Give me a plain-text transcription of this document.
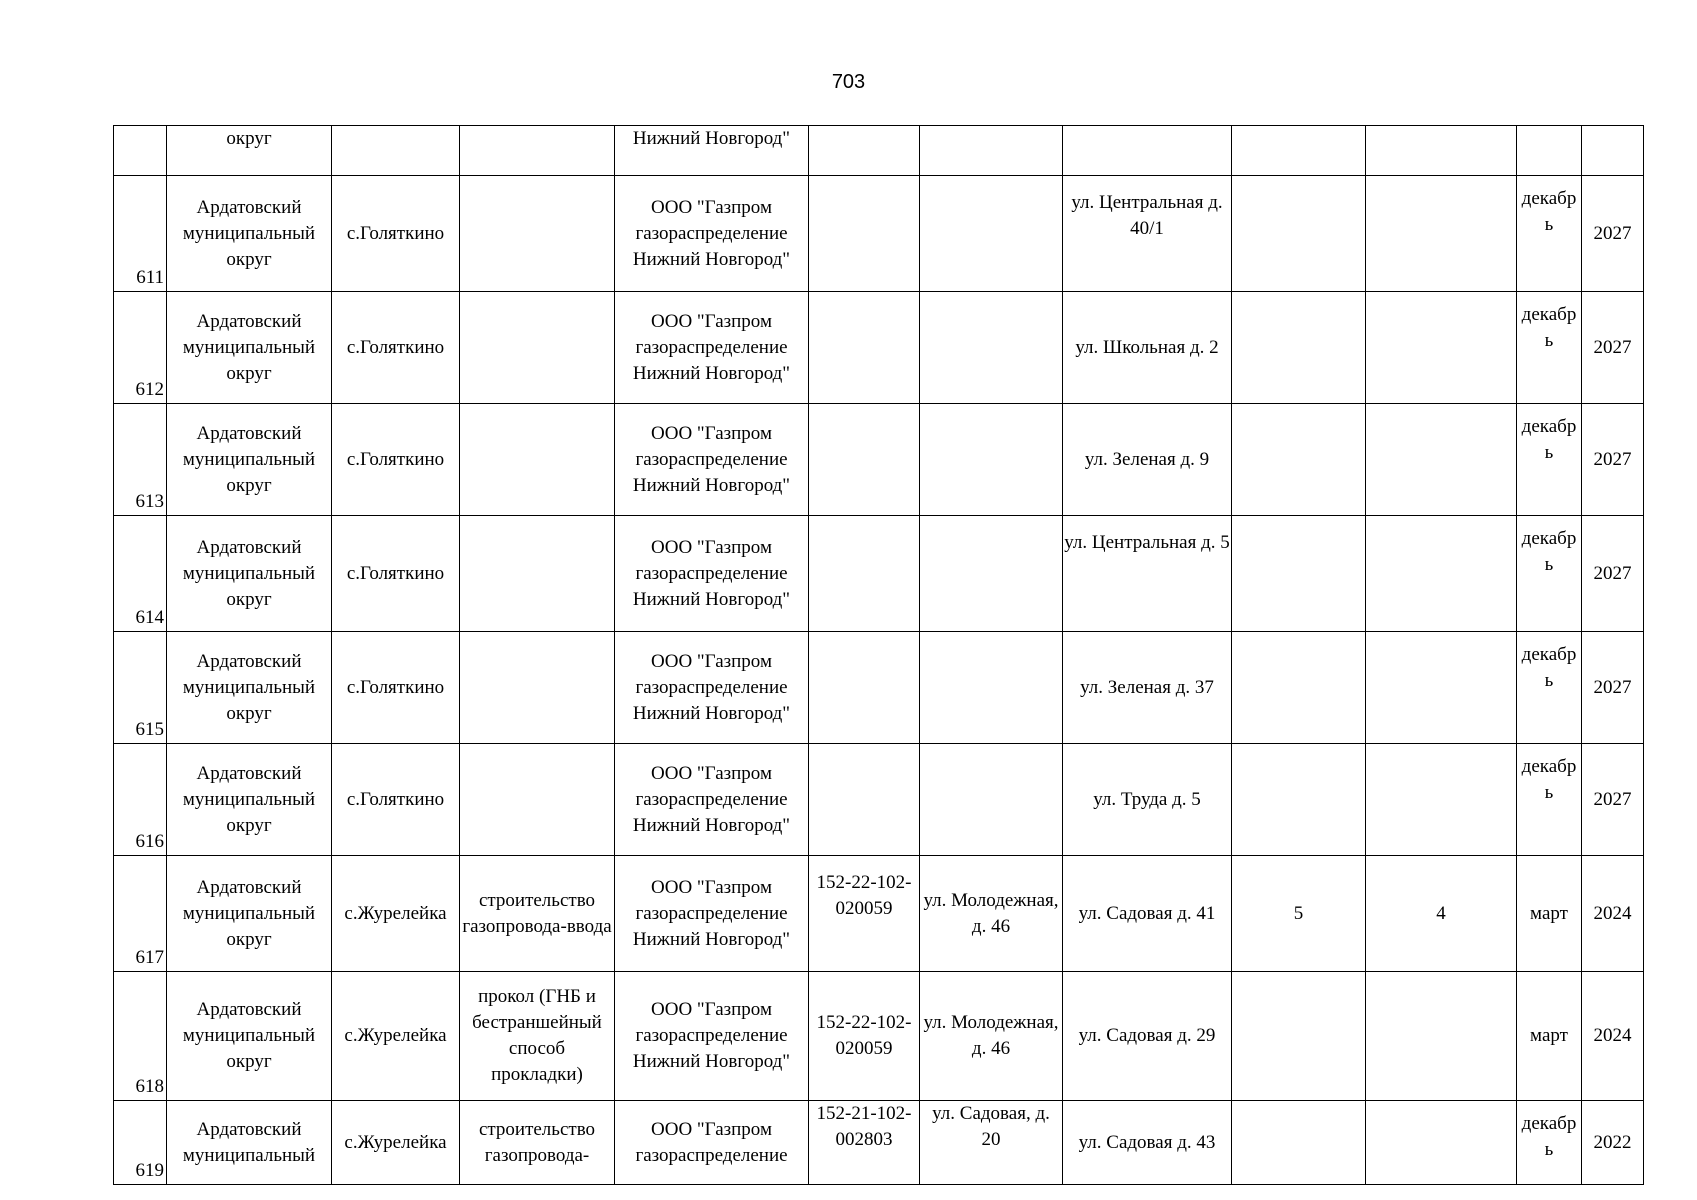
703
	округ			Нижний Новгород"							
611	Ардатовский муниципальный округ	с.Голяткино		ООО "Газпром газораспределение Нижний Новгород"			ул. Центральная д. 40/1			декабрь	2027
612	Ардатовский муниципальный округ	с.Голяткино		ООО "Газпром газораспределение Нижний Новгород"			ул. Школьная д. 2			декабрь	2027
613	Ардатовский муниципальный округ	с.Голяткино		ООО "Газпром газораспределение Нижний Новгород"			ул. Зеленая д. 9			декабрь	2027
614	Ардатовский муниципальный округ	с.Голяткино		ООО "Газпром газораспределение Нижний Новгород"			ул. Центральная д. 5			декабрь	2027
615	Ардатовский муниципальный округ	с.Голяткино		ООО "Газпром газораспределение Нижний Новгород"			ул. Зеленая д. 37			декабрь	2027
616	Ардатовский муниципальный округ	с.Голяткино		ООО "Газпром газораспределение Нижний Новгород"			ул. Труда д. 5			декабрь	2027
617	Ардатовский муниципальный округ	с.Журелейка	строительство газопровода-ввода	ООО "Газпром газораспределение Нижний Новгород"	152-22-102-020059	ул. Молодежная, д. 46	ул. Садовая д. 41	5	4	март	2024
618	Ардатовский муниципальный округ	с.Журелейка	прокол (ГНБ и бестраншейный способ прокладки)	ООО "Газпром газораспределение Нижний Новгород"	152-22-102-020059	ул. Молодежная, д. 46	ул. Садовая д. 29			март	2024
619	Ардатовский муниципальный	с.Журелейка	строительство газопровода-	ООО "Газпром газораспределение	152-21-102-002803	ул. Садовая, д. 20	ул. Садовая д. 43			декабрь	2022
